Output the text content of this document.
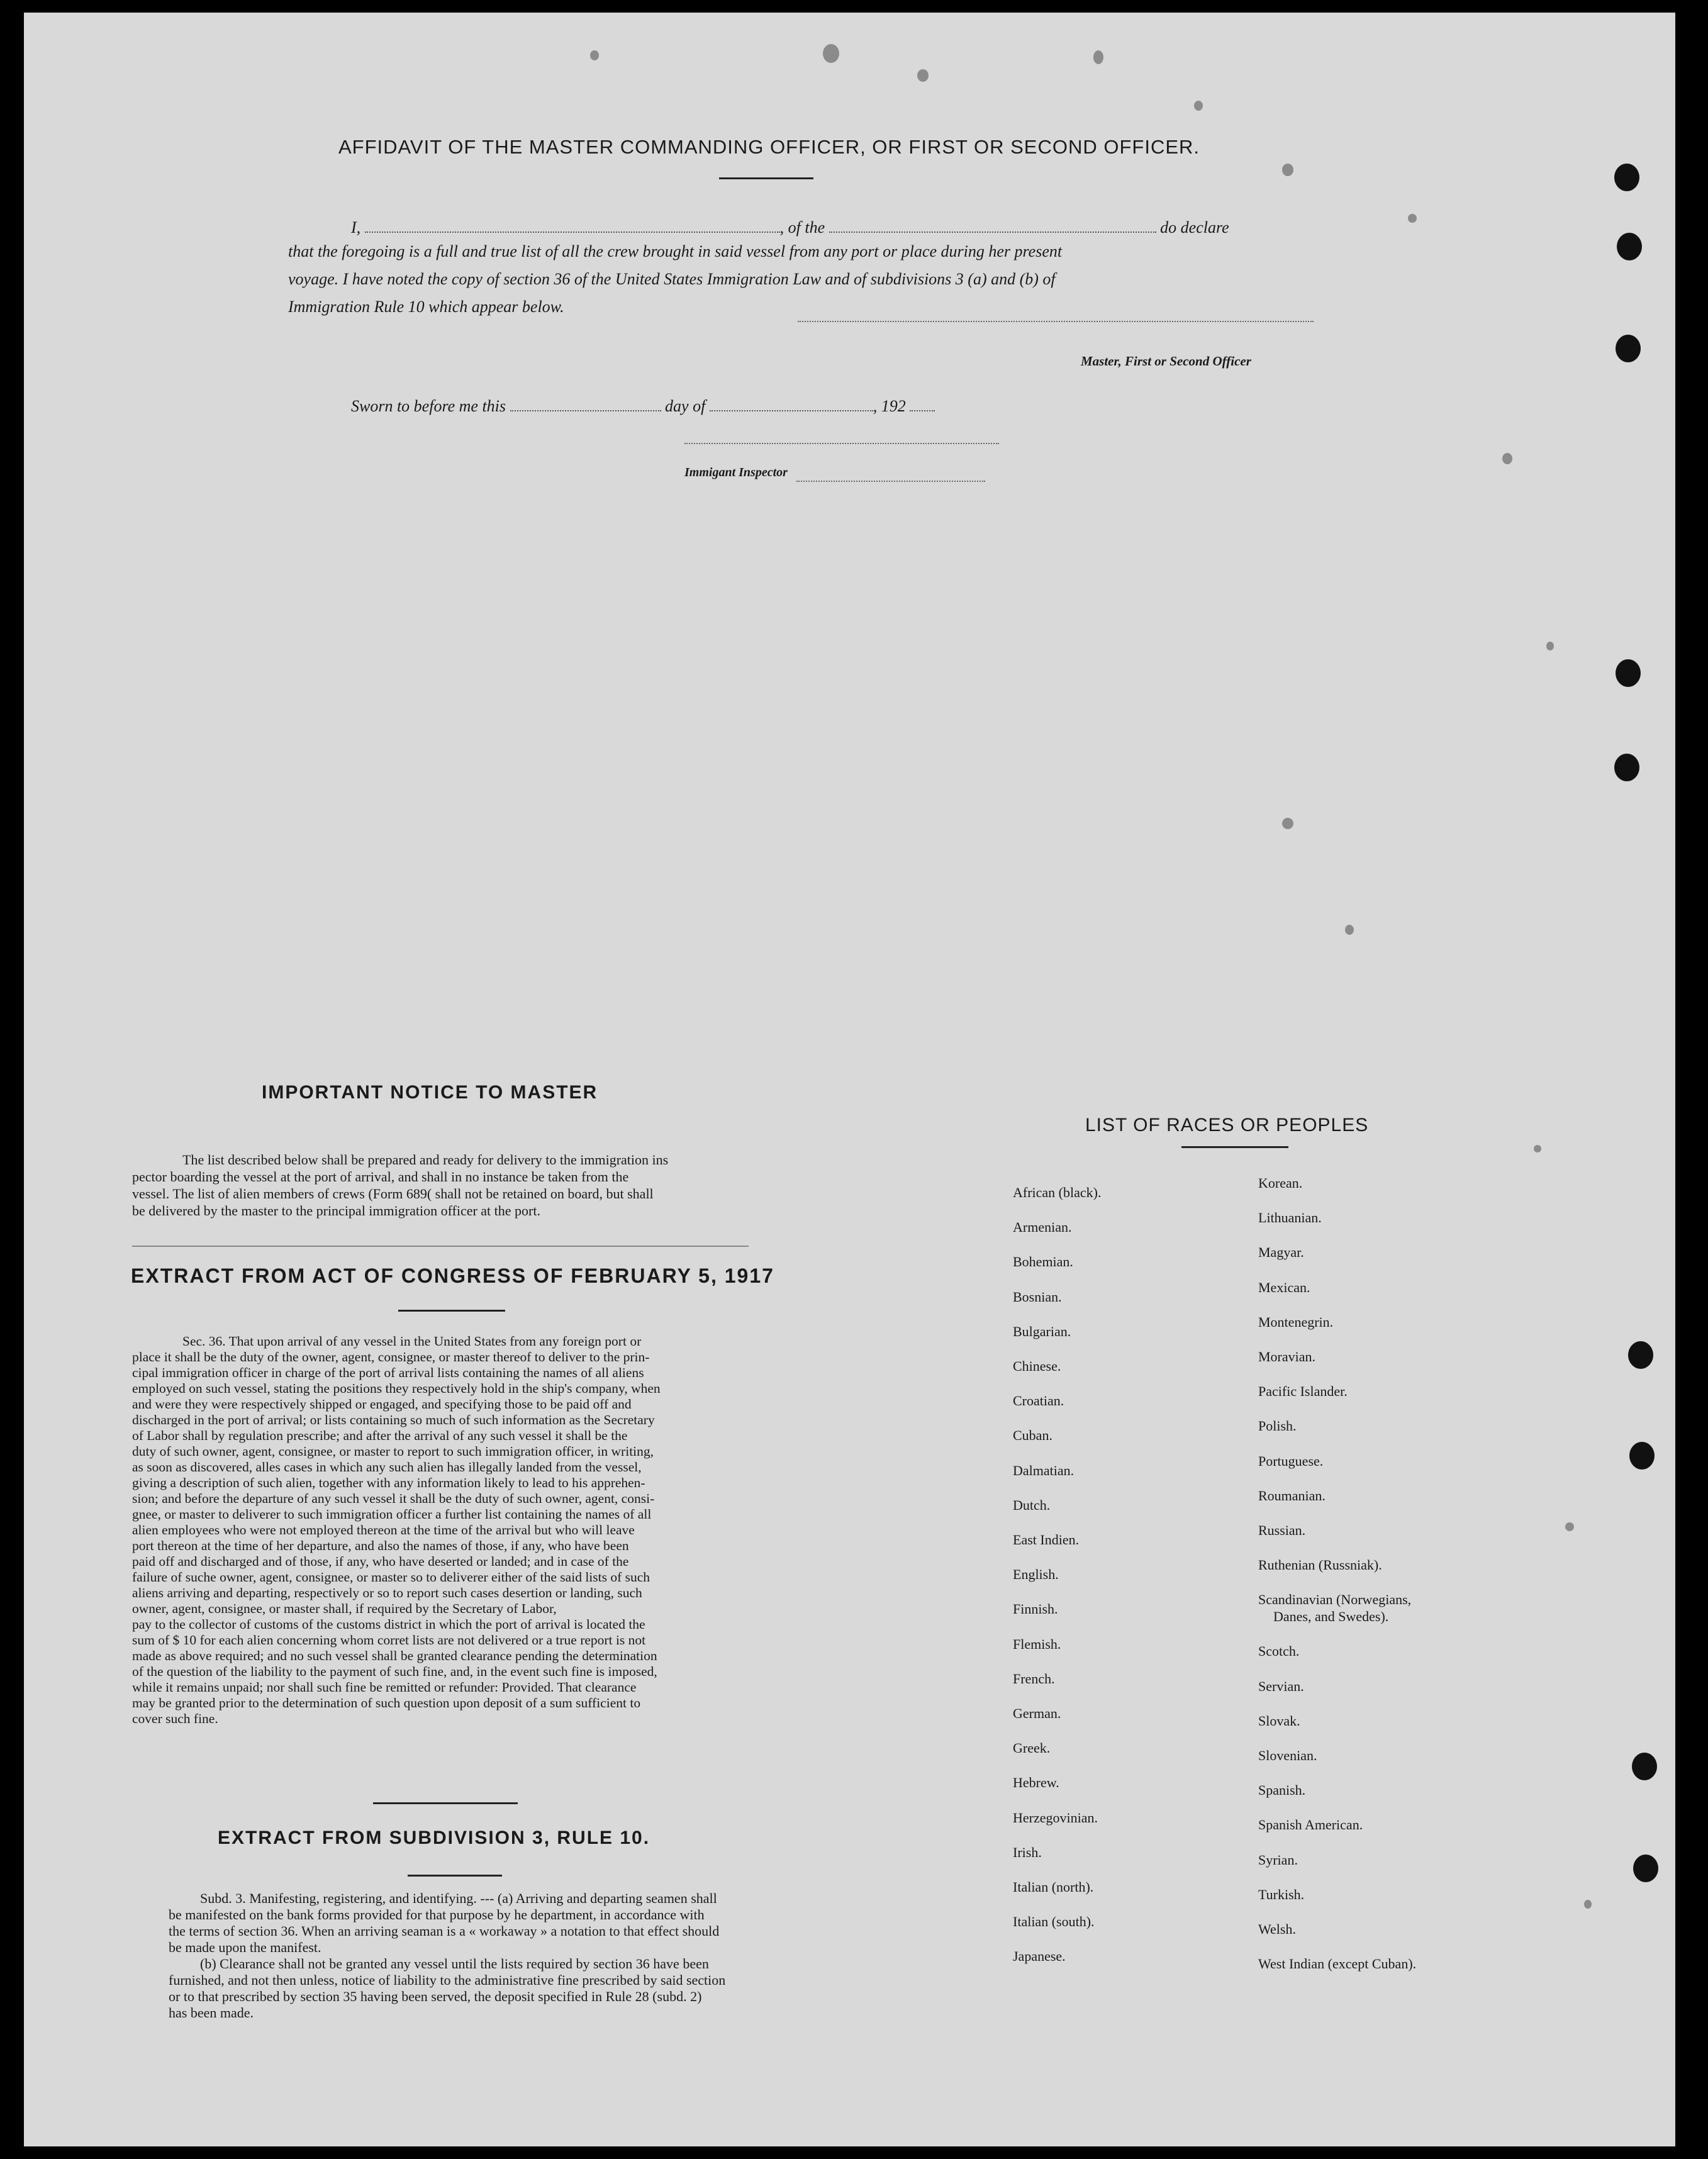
AFFIDAVIT OF THE MASTER COMMANDING OFFICER, OR FIRST OR SECOND OFFICER.
I,	, of the	do declare
that the foregoing is a full and true list of all the crew brought in said vessel from any port or place during her present
voyage. I have noted the copy of section 36 of the United States Immigration Law and of subdivisions 3 (a) and (b) of
Immigration Rule 10 which appear below.
Master, First or Second Officer
Sworn to before me this	day of	, 192
Immigant Inspector
IMPORTANT NOTICE TO MASTER
The list described below shall be prepared and ready for delivery to the immigration ins
pector boarding the vessel at the port of arrival, and shall in no instance be taken from the
vessel. The list of alien members of crews (Form 689( shall not be retained on board, but shall
be delivered by the master to the principal immigration officer at the port.
EXTRACT FROM ACT OF CONGRESS OF FEBRUARY 5, 1917
Sec. 36. That upon arrival of any vessel in the United States from any foreign port or
place it shall be the duty of the owner, agent, consignee, or master thereof to deliver to the prin-
cipal immigration officer in charge of the port of arrival lists containing the names of all aliens
employed on such vessel, stating the positions they respectively hold in the ship's company, when
and were they were respectively shipped or engaged, and specifying those to be paid off and
discharged in the port of arrival; or lists containing so much of such information as the Secretary
of Labor shall by regulation prescribe; and after the arrival of any such vessel it shall be the
duty of such owner, agent, consignee, or master to report to such immigration officer, in writing,
as soon as discovered, alles cases in which any such alien has illegally landed from the vessel,
giving a description of such alien, together with any information likely to lead to his apprehen-
sion; and before the departure of any such vessel it shall be the duty of such owner, agent, consi-
gnee, or master to deliverer to such immigration officer a further list containing the names of all
alien employees who were not employed thereon at the time of the arrival but who will leave
port thereon at the time of her departure, and also the names of those, if any, who have been
paid off and discharged and of those, if any, who have deserted or landed; and in case of the
failure of suche owner, agent, consignee, or master so to deliverer either of the said lists of such
aliens arriving and departing, respectively or so to report such cases desertion or landing, such
owner, agent, consignee, or master shall, if required by the Secretary of Labor,
pay to the collector of customs of the customs district in which the port of arrival is located the
sum of $ 10 for each alien concerning whom corret lists are not delivered or a true report is not
made as above required; and no such vessel shall be granted clearance pending the determination
of the question of the liability to the payment of such fine, and, in the event such fine is imposed,
while it remains unpaid; nor shall such fine be remitted or refunder: Provided. That clearance
may be granted prior to the determination of such question upon deposit of a sum sufficient to
cover such fine.
EXTRACT FROM SUBDIVISION 3, RULE 10.
Subd. 3. Manifesting, registering, and identifying. --- (a) Arriving and departing seamen shall
be manifested on the bank forms provided for that purpose by he department, in accordance with
the terms of section 36. When an arriving seaman is a « workaway » a notation to that effect should
be made upon the manifest.
(b) Clearance shall not be granted any vessel until the lists required by section 36 have been
furnished, and not then unless, notice of liability to the administrative fine prescribed by said section
or to that prescribed by section 35 having been served, the deposit specified in Rule 28 (subd. 2)
has been made.
LIST OF RACES OR PEOPLES
African (black).
Armenian.
Bohemian.
Bosnian.
Bulgarian.
Chinese.
Croatian.
Cuban.
Dalmatian.
Dutch.
East Indien.
English.
Finnish.
Flemish.
French.
German.
Greek.
Hebrew.
Herzegovinian.
Irish.
Italian (north).
Italian (south).
Japanese.
Korean.
Lithuanian.
Magyar.
Mexican.
Montenegrin.
Moravian.
Pacific Islander.
Polish.
Portuguese.
Roumanian.
Russian.
Ruthenian (Russniak).
Scandinavian (Norwegians,
Danes, and Swedes).
Scotch.
Servian.
Slovak.
Slovenian.
Spanish.
Spanish American.
Syrian.
Turkish.
Welsh.
West Indian (except Cuban).
